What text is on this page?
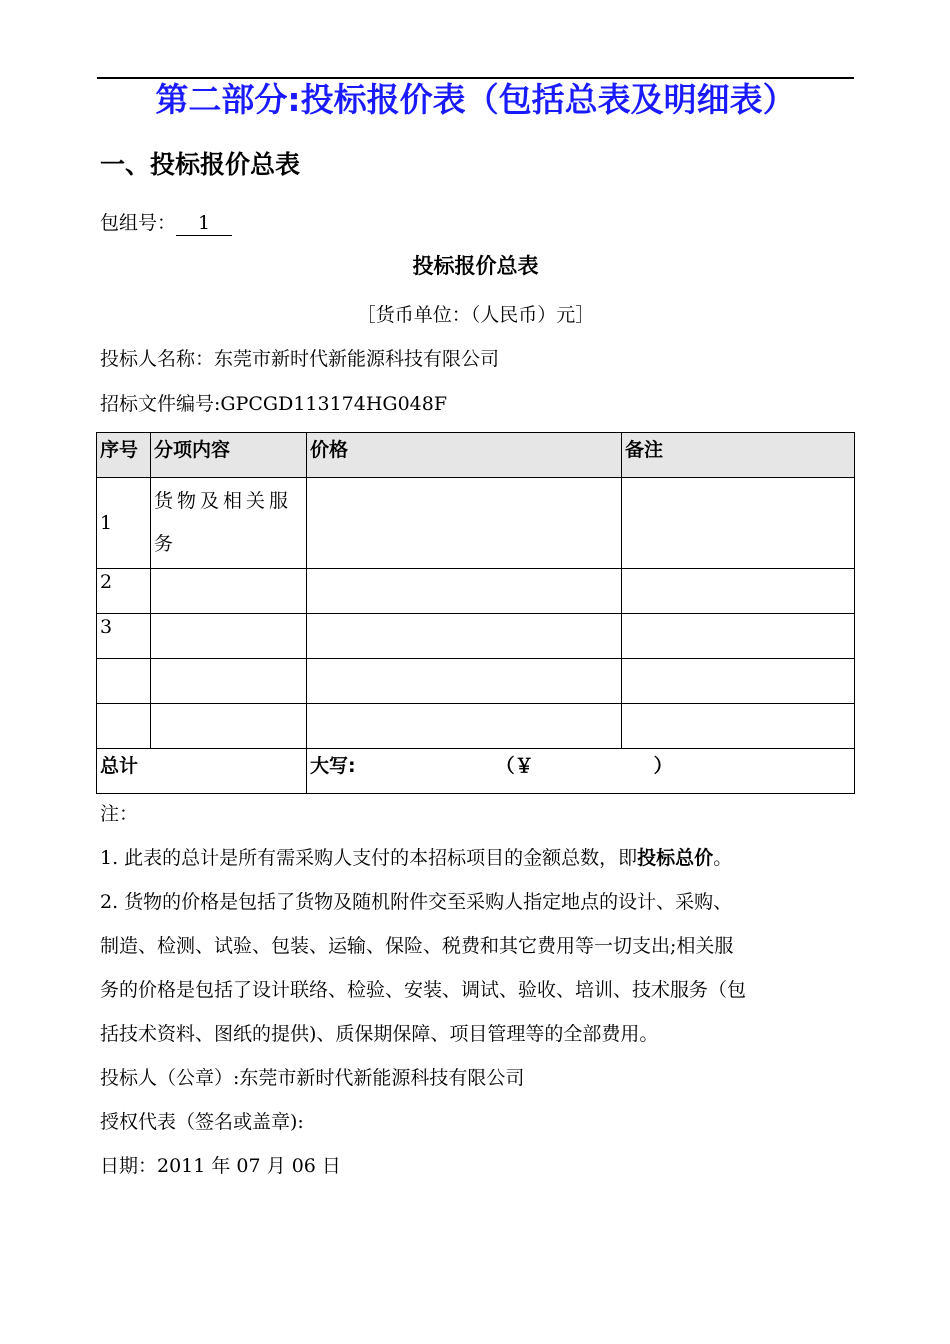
第二部分:投标报价表（包括总表及明细表）
一、投标报价总表
包组号： 1
投标报价总表
［货币单位：（人民币）元］
投标人名称：东莞市新时代新能源科技有限公司
招标文件编号:GPCGD113174HG048F
序号	分项内容	价格	备注
1	货物及相关服务		

2			
3			

总计		大写: （￥ ）	

注：

1. 此表的总计是所有需采购人支付的本招标项目的金额总数，即投标总价。

2. 货物的价格是包括了货物及随机附件交至采购人指定地点的设计、采购、

制造、检测、试验、包装、运输、保险、税费和其它费用等一切支出;相关服

务的价格是包括了设计联络、检验、安装、调试、验收、培训、技术服务（包

括技术资料、图纸的提供)、质保期保障、项目管理等的全部费用。

投标人（公章）:东莞市新时代新能源科技有限公司

授权代表（签名或盖章):

日期：2011 年 07 月 06 日
